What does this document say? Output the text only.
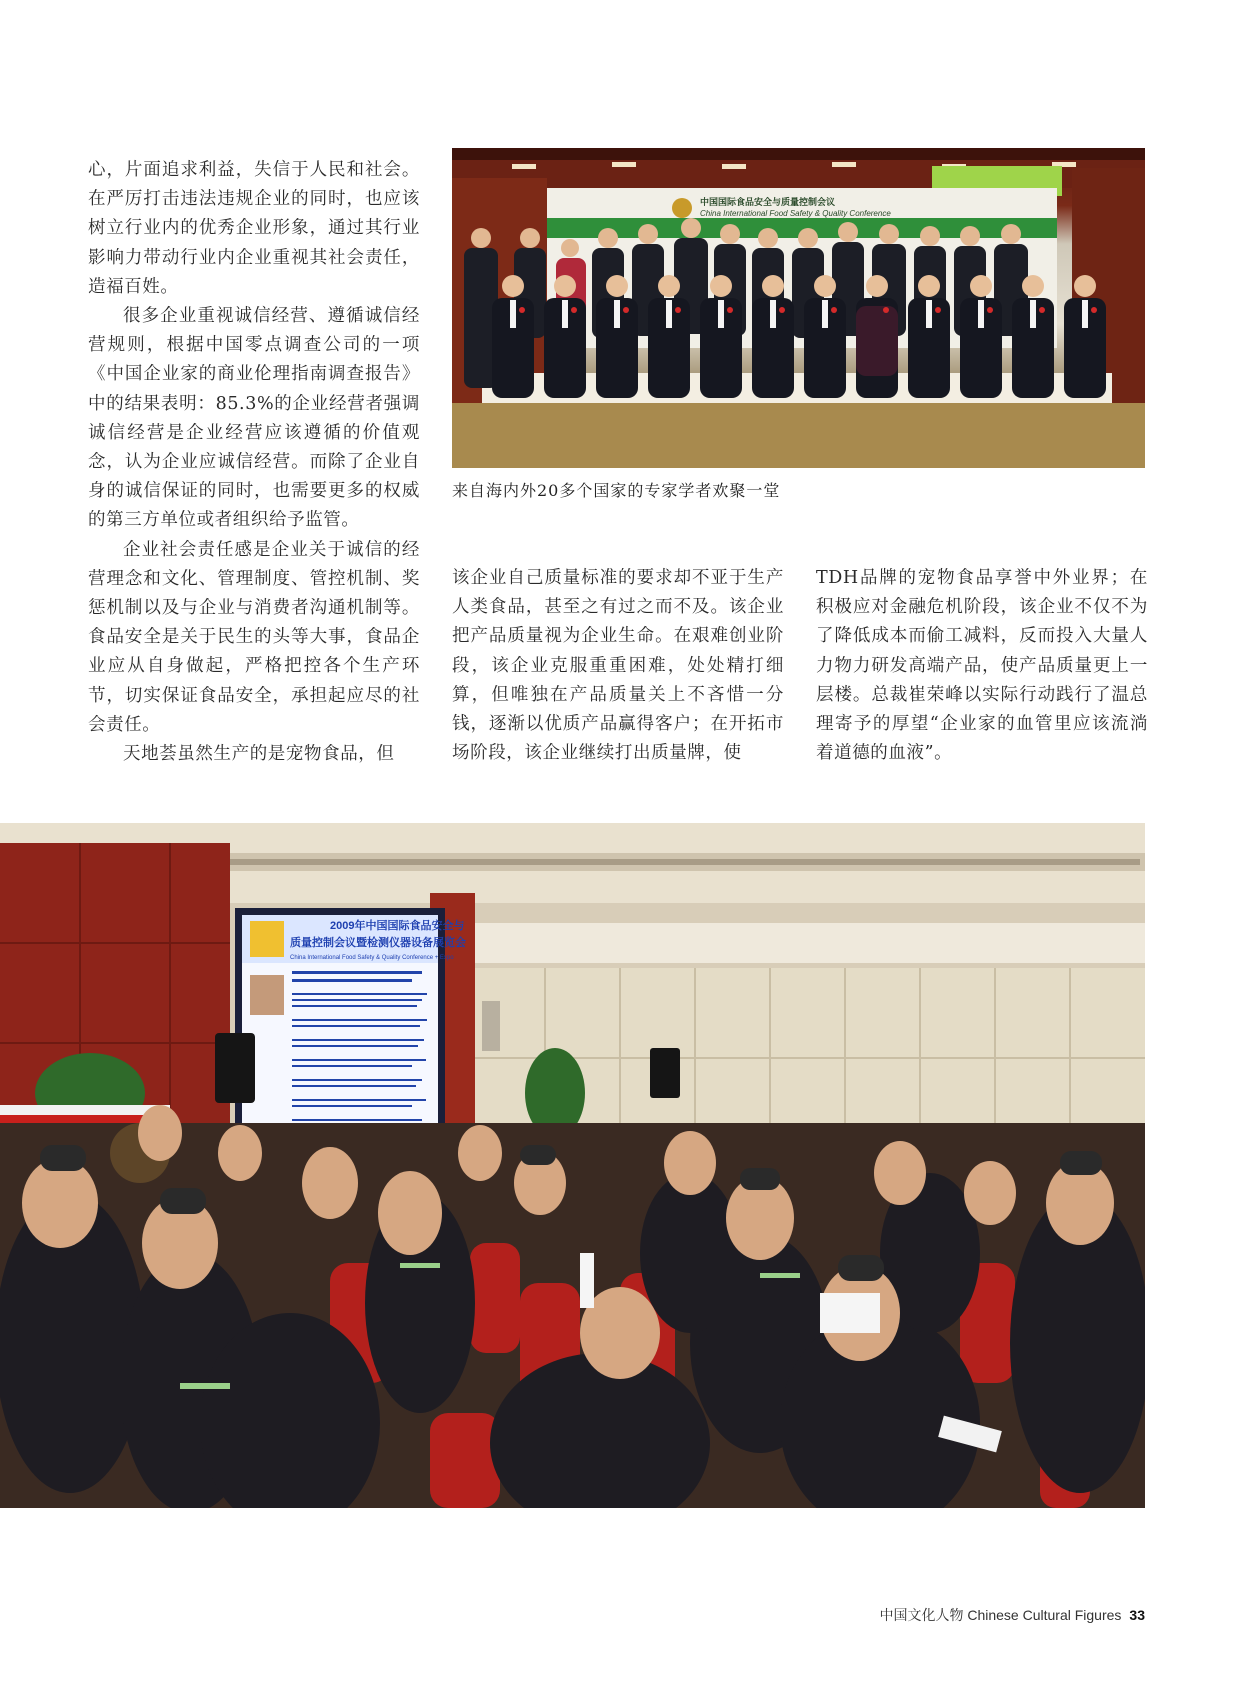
心，片面追求利益，失信于人民和社会。在严厉打击违法违规企业的同时，也应该树立行业内的优秀企业形象，通过其行业影响力带动行业内企业重视其社会责任，造福百姓。

很多企业重视诚信经营、遵循诚信经营规则，根据中国零点调查公司的一项《中国企业家的商业伦理指南调查报告》中的结果表明：85.3%的企业经营者强调诚信经营是企业经营应该遵循的价值观念，认为企业应诚信经营。而除了企业自身的诚信保证的同时，也需要更多的权威的第三方单位或者组织给予监管。

企业社会责任感是企业关于诚信的经营理念和文化、管理制度、管控机制、奖惩机制以及与企业与消费者沟通机制等。食品安全是关于民生的头等大事，食品企业应从自身做起，严格把控各个生产环节，切实保证食品安全，承担起应尽的社会责任。

天地荟虽然生产的是宠物食品，但

中国国际食品安全与质量控制会议
China International Food Safety & Quality Conference
来自海内外20多个国家的专家学者欢聚一堂

该企业自己质量标准的要求却不亚于生产人类食品，甚至之有过之而不及。该企业把产品质量视为企业生命。在艰难创业阶段，该企业克服重重困难，处处精打细算，但唯独在产品质量关上不吝惜一分钱，逐渐以优质产品赢得客户；在开拓市场阶段，该企业继续打出质量牌，使

TDH品牌的宠物食品享誉中外业界；在积极应对金融危机阶段，该企业不仅不为了降低成本而偷工减料，反而投入大量人力物力研发高端产品，使产品质量更上一层楼。总裁崔荣峰以实际行动践行了温总理寄予的厚望“企业家的血管里应该流淌着道德的血液”。

2009年中国国际食品安全与
质量控制会议暨检测仪器设备展览会
China International Food Safety & Quality Conference + Expo
中国文化人物 Chinese Cultural Figures 33
